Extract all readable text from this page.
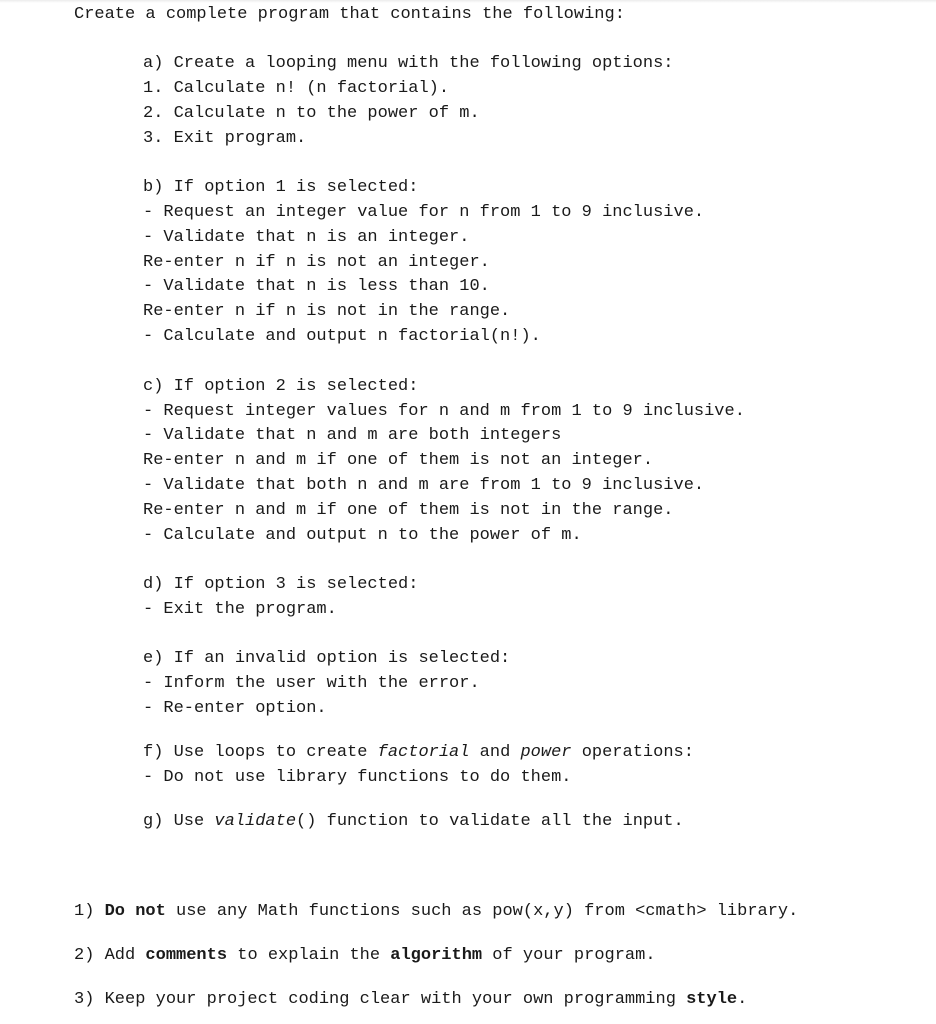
Create a complete program that contains the following:
a) Create a looping menu with the following options:
1. Calculate n! (n factorial).
2. Calculate n to the power of m.
3. Exit program.
b) If option 1 is selected:
- Request an integer value for n from 1 to 9 inclusive.
- Validate that n is an integer.
Re-enter n if n is not an integer.
- Validate that n is less than 10.
Re-enter n if n is not in the range.
- Calculate and output n factorial(n!).
c) If option 2 is selected:
- Request integer values for n and m from 1 to 9 inclusive.
- Validate that n and m are both integers
Re-enter n and m if one of them is not an integer.
- Validate that both n and m are from 1 to 9 inclusive.
Re-enter n and m if one of them is not in the range.
- Calculate and output n to the power of m.
d) If option 3 is selected:
- Exit the program.
e) If an invalid option is selected:
- Inform the user with the error.
- Re-enter option.
f) Use loops to create factorial and power operations:
- Do not use library functions to do them.
g) Use validate() function to validate all the input.
1) Do not use any Math functions such as pow(x,y) from <cmath> library.
2) Add comments to explain the algorithm of your program.
3) Keep your project coding clear with your own programming style.
